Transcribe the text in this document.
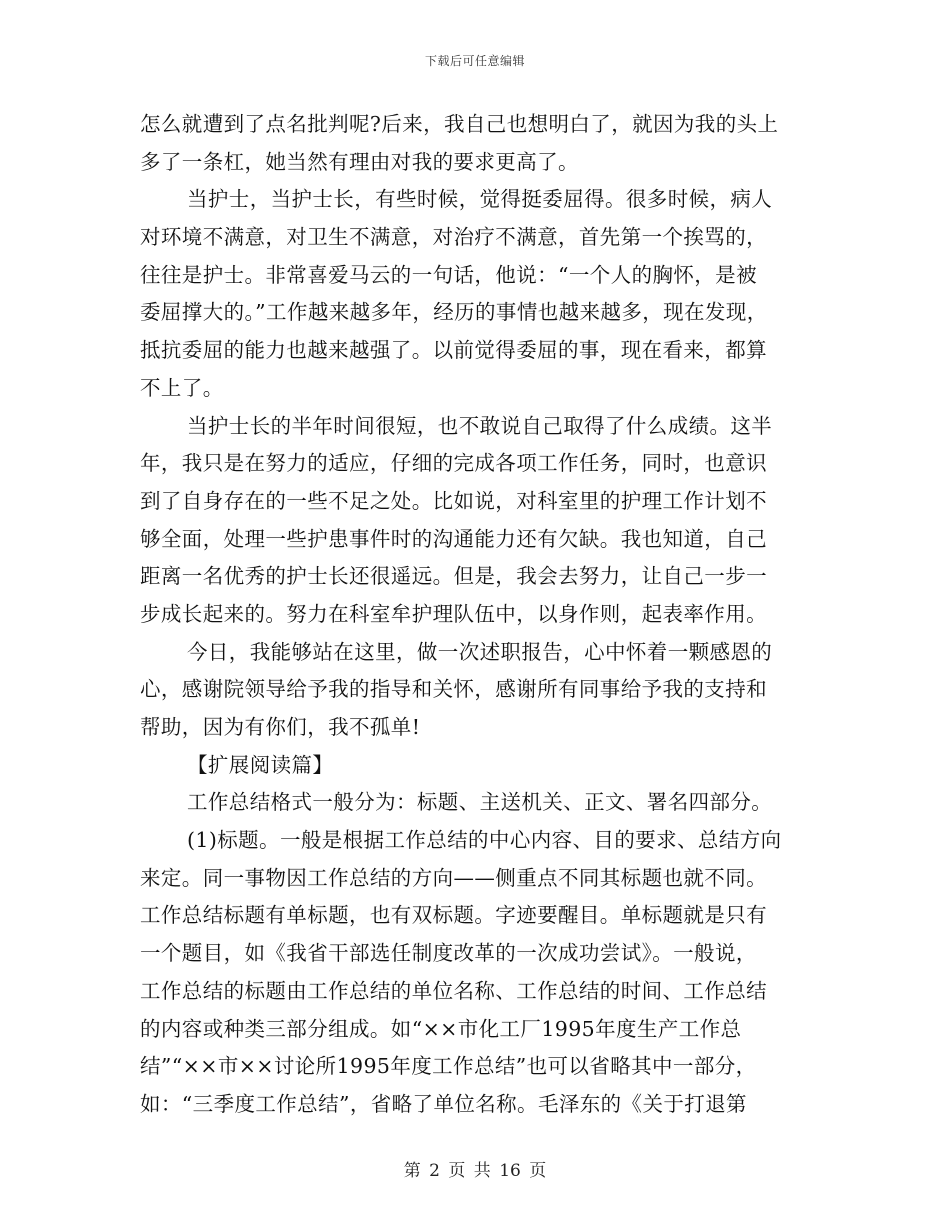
下载后可任意编辑
怎么就遭到了点名批判呢?后来，我自己也想明白了，就因为我的头上
多了一条杠，她当然有理由对我的要求更高了。
当护士，当护士长，有些时候，觉得挺委屈得。很多时候，病人
对环境不满意，对卫生不满意，对治疗不满意，首先第一个挨骂的，
往往是护士。非常喜爱马云的一句话，他说：“一个人的胸怀，是被
委屈撑大的。”工作越来越多年，经历的事情也越来越多，现在发现，
抵抗委屈的能力也越来越强了。以前觉得委屈的事，现在看来，都算
不上了。
当护士长的半年时间很短，也不敢说自己取得了什么成绩。这半
年，我只是在努力的适应，仔细的完成各项工作任务，同时，也意识
到了自身存在的一些不足之处。比如说，对科室里的护理工作计划不
够全面，处理一些护患事件时的沟通能力还有欠缺。我也知道，自己
距离一名优秀的护士长还很遥远。但是，我会去努力，让自己一步一
步成长起来的。努力在科室牟护理队伍中，以身作则，起表率作用。
今日，我能够站在这里，做一次述职报告，心中怀着一颗感恩的
心，感谢院领导给予我的指导和关怀，感谢所有同事给予我的支持和
帮助，因为有你们，我不孤单!
【扩展阅读篇】
工作总结格式一般分为：标题、主送机关、正文、署名四部分。
(1)标题。一般是根据工作总结的中心内容、目的要求、总结方向
来定。同一事物因工作总结的方向——侧重点不同其标题也就不同。
工作总结标题有单标题，也有双标题。字迹要醒目。单标题就是只有
一个题目，如《我省干部选任制度改革的一次成功尝试》。一般说，
工作总结的标题由工作总结的单位名称、工作总结的时间、工作总结
的内容或种类三部分组成。如“××市化工厂1995年度生产工作总
结”“××市××讨论所1995年度工作总结”也可以省略其中一部分，
如：“三季度工作总结”，省略了单位名称。毛泽东的《关于打退第
第 2 页 共 16 页
